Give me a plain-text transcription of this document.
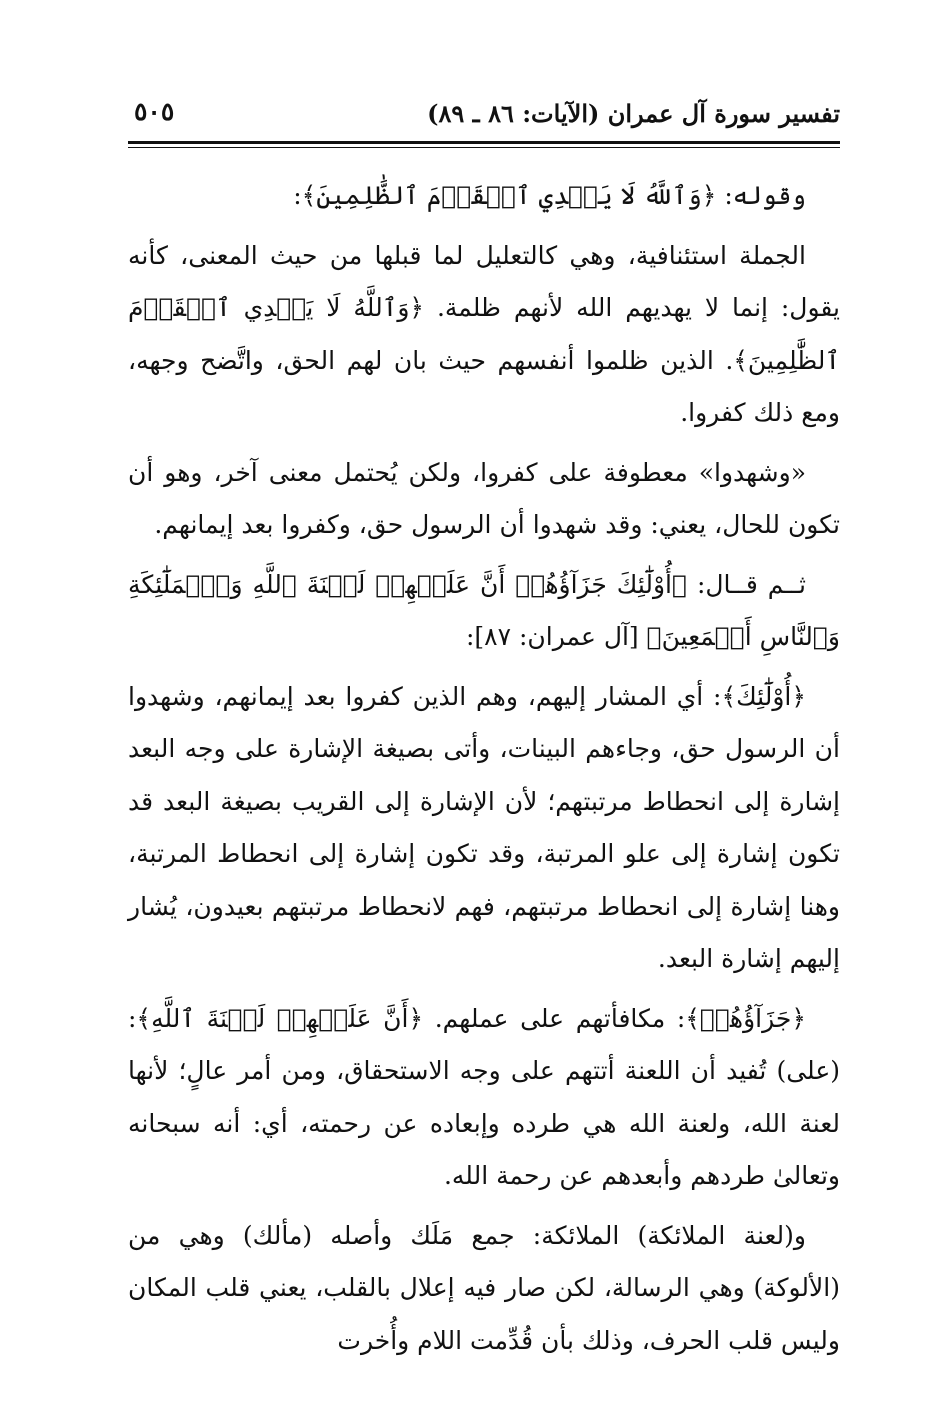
تفسير سورة آل عمران (الآيات: ٨٦ ـ ٨٩)
٥٠٥

وقوله: ﴿وَٱللَّهُ لَا يَهۡدِي ٱلۡقَوۡمَ ٱلظَّٰلِمِينَ﴾:

الجملة استئنافية، وهي كالتعليل لما قبلها من حيث المعنى، كأنه يقول: إنما لا يهديهم الله لأنهم ظلمة. ﴿وَٱللَّهُ لَا يَهۡدِي ٱلۡقَوۡمَ ٱلظَّٰلِمِينَ﴾. الذين ظلموا أنفسهم حيث بان لهم الحق، واتَّضح وجهه، ومع ذلك كفروا.

«وشهدوا» معطوفة على كفروا، ولكن يُحتمل معنى آخر، وهو أن تكون للحال، يعني: وقد شهدوا أن الرسول حق، وكفروا بعد إيمانهم.

ثــم قــال: ﴿أُوْلَٰٓئِكَ جَزَآؤُهُمۡ أَنَّ عَلَيۡهِمۡ لَعۡنَةَ ٱللَّهِ وَٱلۡمَلَٰٓئِكَةِ وَٱلنَّاسِ أَجۡمَعِينَ﴾ [آل عمران: ٨٧]:

﴿أُوْلَٰٓئِكَ﴾: أي المشار إليهم، وهم الذين كفروا بعد إيمانهم، وشهدوا أن الرسول حق، وجاءهم البينات، وأتى بصيغة الإشارة على وجه البعد إشارة إلى انحطاط مرتبتهم؛ لأن الإشارة إلى القريب بصيغة البعد قد تكون إشارة إلى علو المرتبة، وقد تكون إشارة إلى انحطاط المرتبة، وهنا إشارة إلى انحطاط مرتبتهم، فهم لانحطاط مرتبتهم بعيدون، يُشار إليهم إشارة البعد.

﴿جَزَآؤُهُمۡ﴾: مكافأتهم على عملهم. ﴿أَنَّ عَلَيۡهِمۡ لَعۡنَةَ ٱللَّهِ﴾: (على) تُفيد أن اللعنة أتتهم على وجه الاستحقاق، ومن أمر عالٍ؛ لأنها لعنة الله، ولعنة الله هي طرده وإبعاده عن رحمته، أي: أنه سبحانه وتعالىٰ طردهم وأبعدهم عن رحمة الله.

و(لعنة الملائكة) الملائكة: جمع مَلَك وأصله (مألك) وهي من (الألوكة) وهي الرسالة، لكن صار فيه إعلال بالقلب، يعني قلب المكان وليس قلب الحرف، وذلك بأن قُدِّمت اللام وأُخرت
